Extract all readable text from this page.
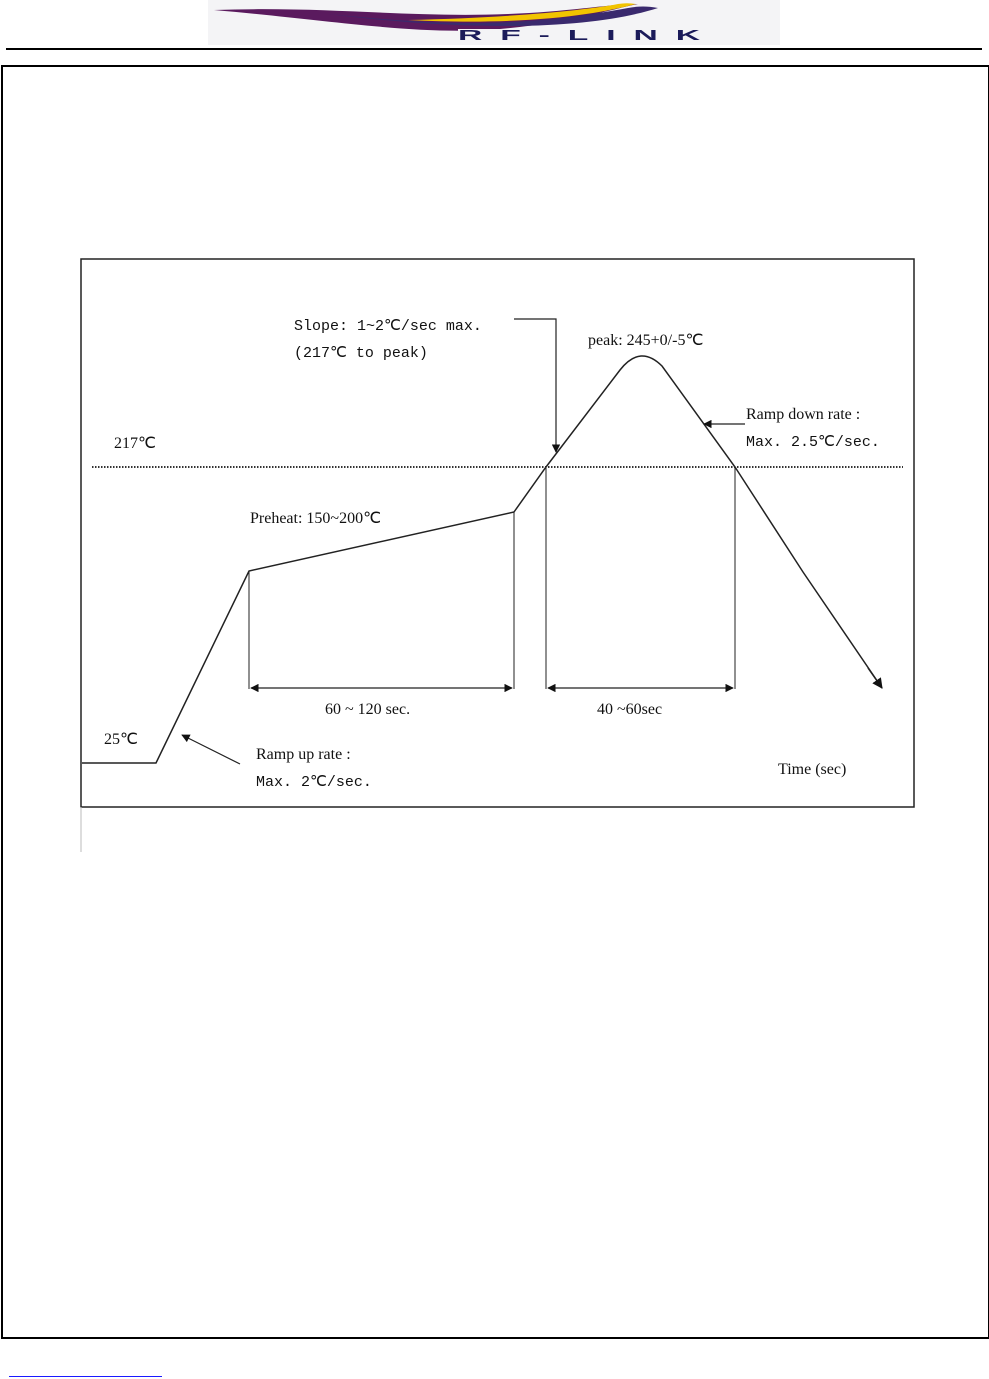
RF-LINK
217℃
25℃
Slope: 1~2℃/sec max.
(217℃ to peak)
peak: 245+0/-5℃
Ramp down rate :
Max. 2.5℃/sec.
Preheat: 150~200℃
60 ~ 120 sec.	40 ~60sec
Ramp up rate :
Max. 2℃/sec.
Time (sec)
